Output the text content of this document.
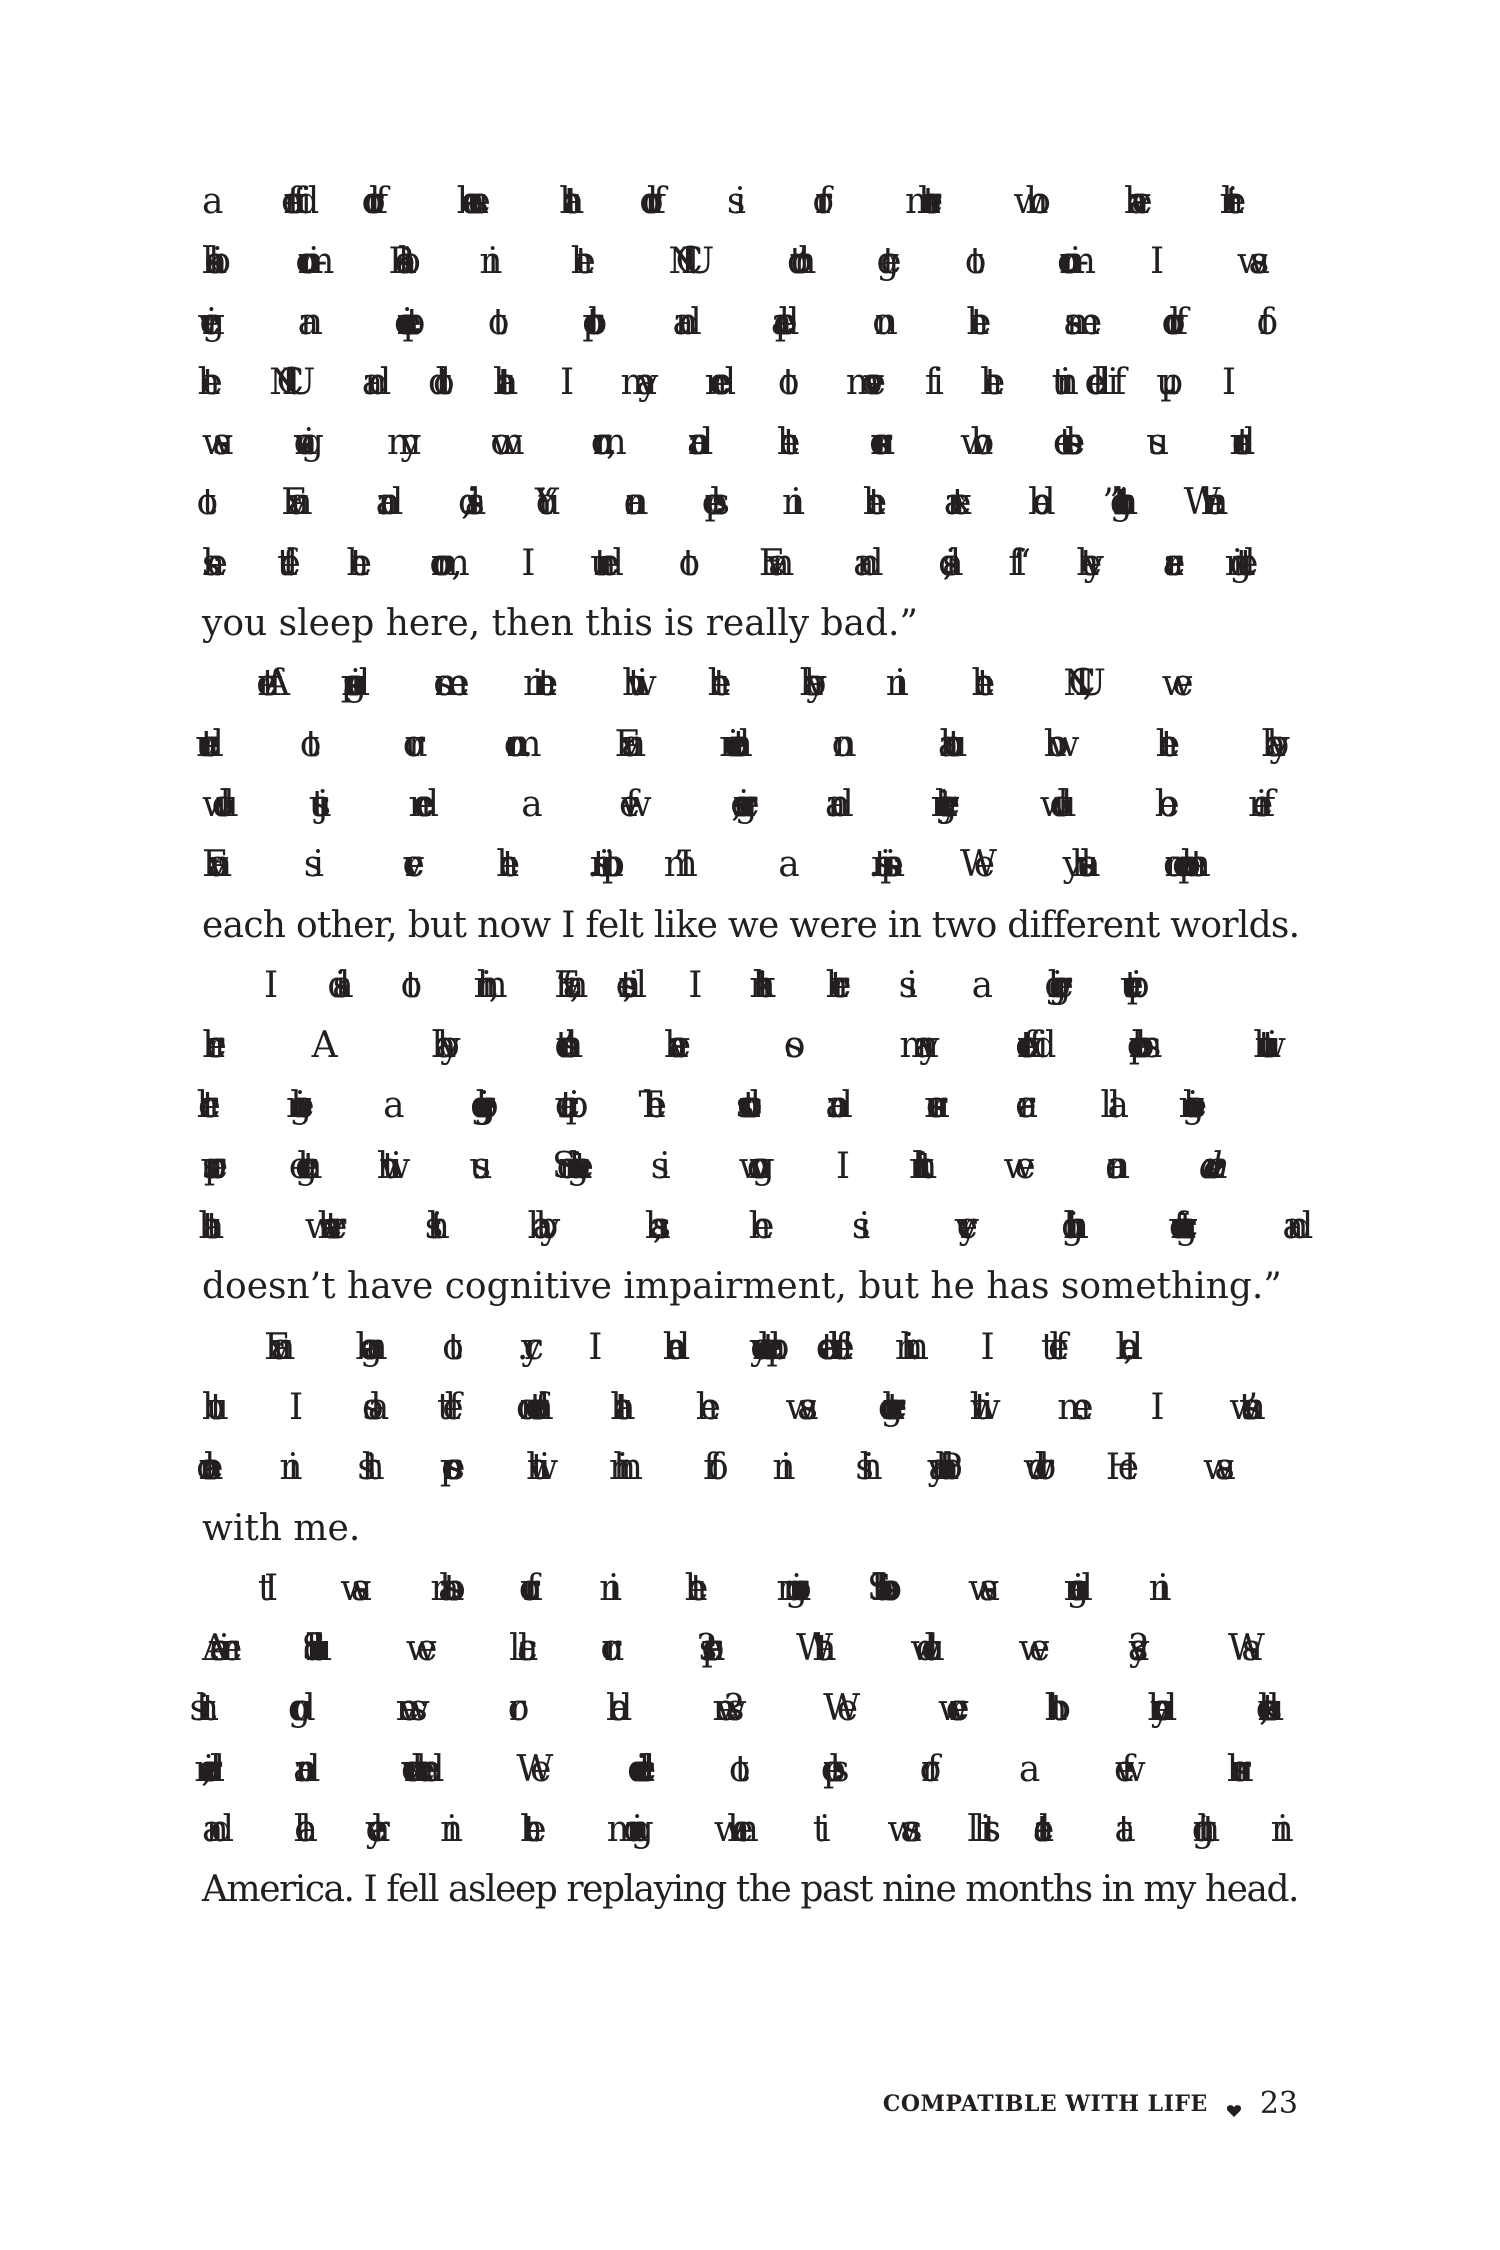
a different floor because that floor is for mothers who have their
babies room-in. Babies in the NICU don’t get to room-in. I was
given an exception to protocol and placed on the same floor of
the NICU and told that I may need to move if the unit filled up. I
was given my own room, and the nurse who escorted us turned
to Evan and said, “You can sleep in the extra bed tonight.” When
she left the room, I turned to Evan and said, “If they are letting
you sleep here, then this is really bad.”
After spending some time with the baby in the NICU, we
returned to our room. Evan continued on about how the baby
would just need a few surgeries, and everything would be fine.
Evan is ever the optimist. I’m a pessimist. We usually complement
each other, but now I felt like we were in two different worlds.
I said to him, “Evan, listen, I think there is a bigger picture
here. A baby doesn’t have so many different problems without
there being a bigger picture. The doctors and nurses are all being
super gentle with us. Something is wrong. I think we can daven
that whatever this baby has, he is very high functioning and
doesn’t have cognitive impairment, but he has something.”
Evan began to cry. I had completely deflated him. I felt bad,
but I also felt comforted that he was together with me. I wasn’t
alone in this process with him off in his Pollyanna world. He was
with me.
It was almost four in the morning. Shabbos was ending in
America. Should we call our parents? What would we say? Was
this good news or bad news? We were both beyond exhausted,
drained, and overwhelmed. We decided to sleep for a few hours
and call early in the morning when it was still late at night in
America. I fell asleep replaying the past nine months in my head.
COMPATIBLE WITH LIFE 23
